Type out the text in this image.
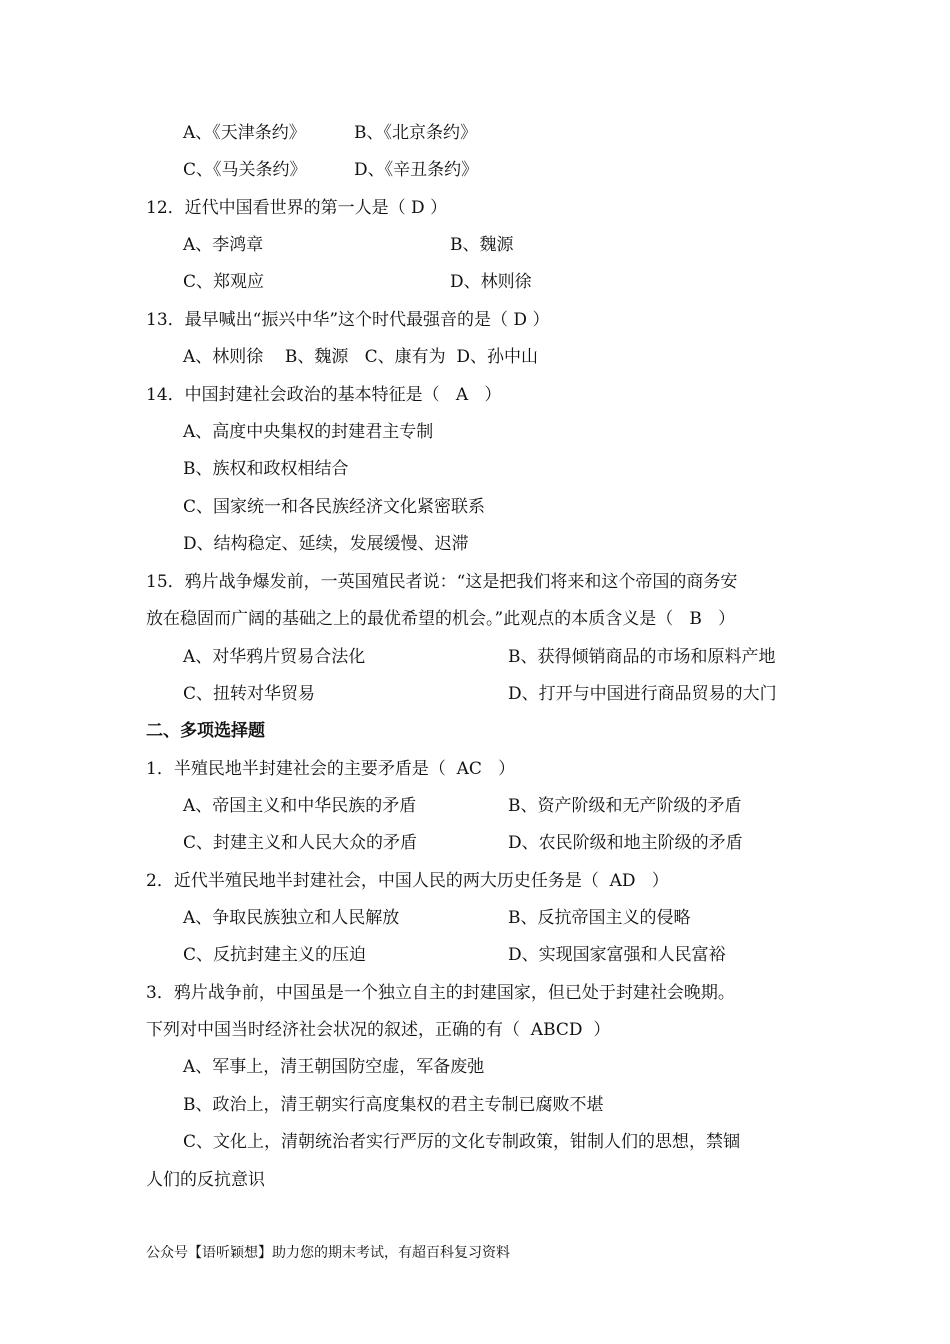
A、《天津条约》	B、《北京条约》
C、《马关条约》	D、《辛丑条约》
12．近代中国看世界的第一人是（ D ）
A、李鸿章	B、魏源
C、郑观应	D、林则徐
13．最早喊出“振兴中华”这个时代最强音的是（ D ）
A、林则徐    B、魏源   C、康有为  D、孙中山
14．中国封建社会政治的基本特征是（   A   ）
A、高度中央集权的封建君主专制
B、族权和政权相结合
C、国家统一和各民族经济文化紧密联系
D、结构稳定、延续，发展缓慢、迟滞
15．鸦片战争爆发前，一英国殖民者说：“这是把我们将来和这个帝国的商务安
放在稳固而广阔的基础之上的最优希望的机会。”此观点的本质含义是（   B   ）
A、对华鸦片贸易合法化	B、获得倾销商品的市场和原料产地
C、扭转对华贸易	D、打开与中国进行商品贸易的大门
二、多项选择题
1．半殖民地半封建社会的主要矛盾是（  AC   ）
A、帝国主义和中华民族的矛盾	B、资产阶级和无产阶级的矛盾
C、封建主义和人民大众的矛盾	D、农民阶级和地主阶级的矛盾
2．近代半殖民地半封建社会，中国人民的两大历史任务是（  AD   ）
A、争取民族独立和人民解放	B、反抗帝国主义的侵略
C、反抗封建主义的压迫	D、实现国家富强和人民富裕
3．鸦片战争前，中国虽是一个独立自主的封建国家，但已处于封建社会晚期。
下列对中国当时经济社会状况的叙述，正确的有（  ABCD  ）
A、军事上，清王朝国防空虚，军备废弛
B、政治上，清王朝实行高度集权的君主专制已腐败不堪
C、文化上，清朝统治者实行严厉的文化专制政策，钳制人们的思想，禁锢
人们的反抗意识
公众号【语听颖想】助力您的期末考试，有超百科复习资料
